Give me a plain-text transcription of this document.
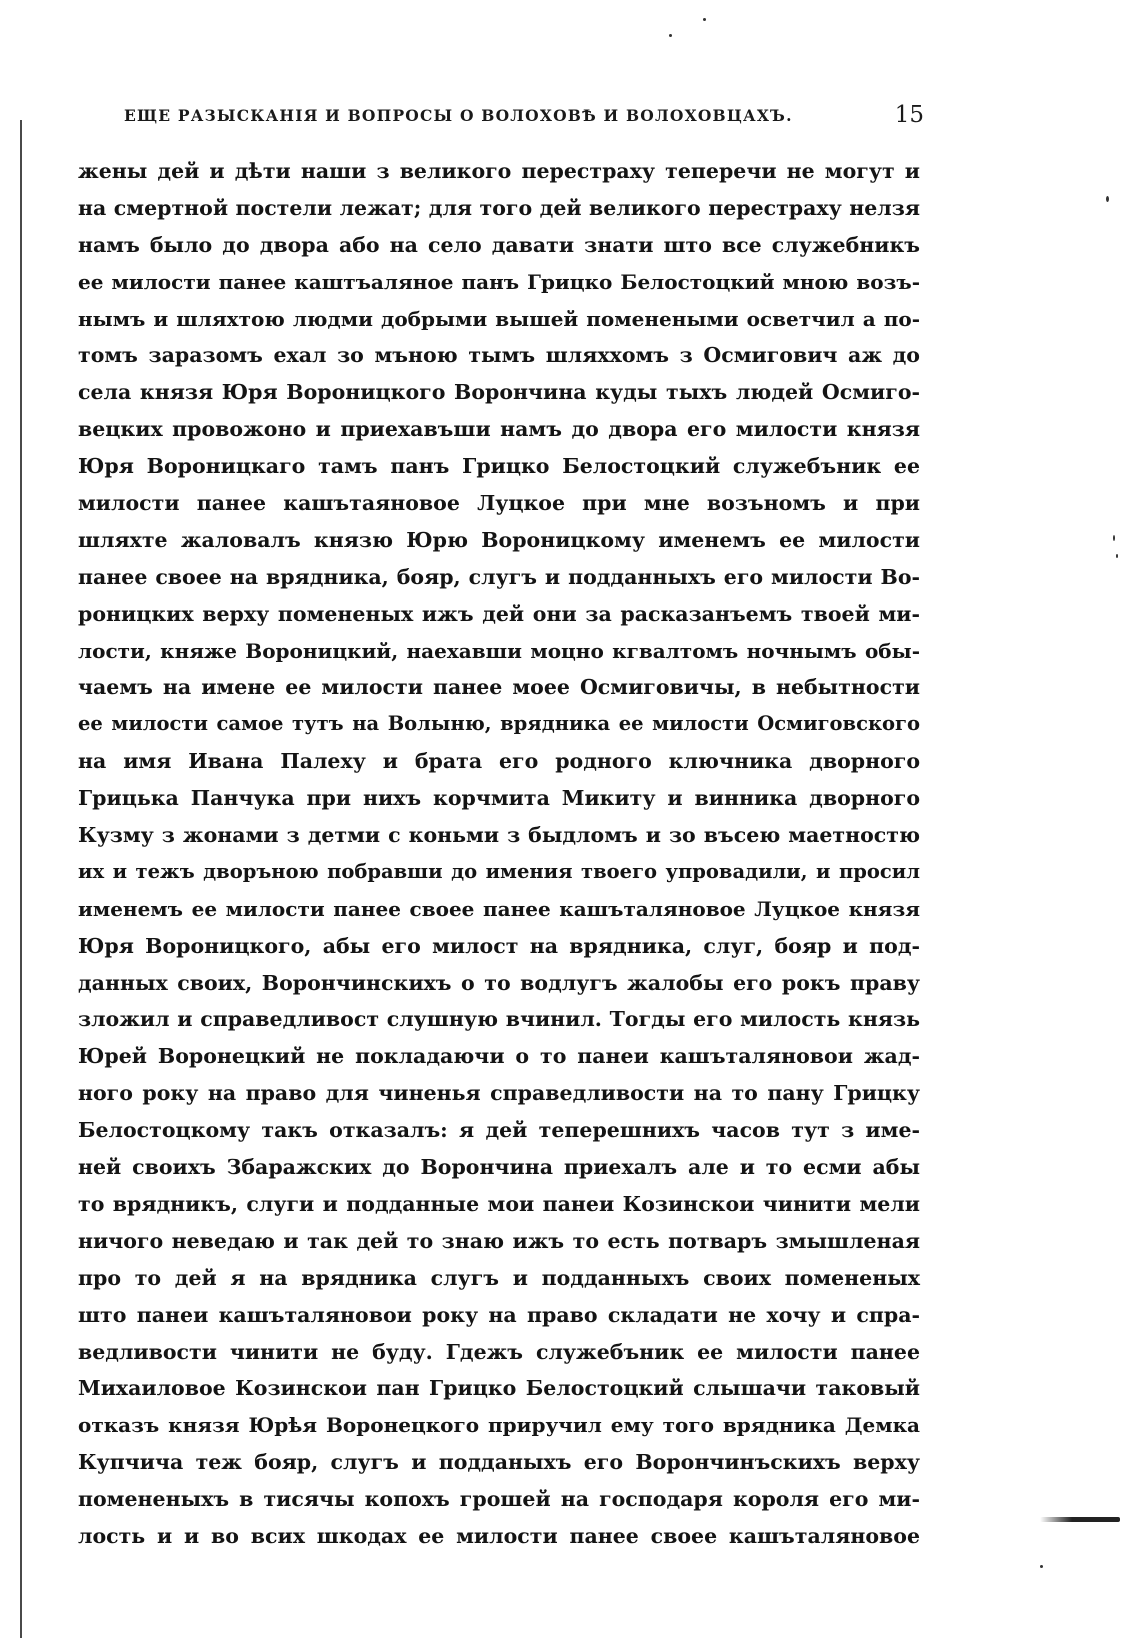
ЕЩЕ РАЗЫСКАНІЯ И ВОПРОСЫ О ВОЛОХОВѢ И ВОЛОХОВЦАХЪ.	15
жены дей и дѣти наши з великого перестраху теперечи не могут и
на смертной постели лежат; для того дей великого перестраху нелзя
намъ было до двора або на село давати знати што все служебникъ
ее милости панее каштъаляное панъ Грицко Белостоцкий мною возъ-
нымъ и шляхтою людми добрыми вышей поменеными осветчил а по-
томъ заразомъ ехал зо мъною тымъ шляххомъ з Осмигович аж до
села князя Юря Вороницкого Ворончина куды тыхъ людей Осмиго-
вецких провожоно и приехавъши намъ до двора его милости князя
Юря Вороницкаго тамъ панъ Грицко Белостоцкий служебъник ее
милости панее кашътаяновое Луцкое при мне возъномъ и при
шляхте жаловалъ князю Юрю Вороницкому именемъ ее милости
панее своее на врядника, бояр, слугъ и подданныхъ его милости Во-
роницких верху помененых ижъ дей они за расказанъемъ твоей ми-
лости, княже Вороницкий, наехавши моцно кгвалтомъ ночнымъ обы-
чаемъ на имене ее милости панее моее Осмиговичы, в небытности
ее милости самое тутъ на Волыню, врядника ее милости Осмиговского
на имя Ивана Палеху и брата его родного ключника дворного
Грицька Панчука при нихъ корчмита Микиту и винника дворного
Кузму з жонами з детми с коньми з быдломъ и зо въсею маетностю
их и тежъ дворъною побравши до имения твоего упровадили, и просил
именемъ ее милости панее своее панее кашъталяновое Луцкое князя
Юря Вороницкого, абы его милост на врядника, слуг, бояр и под-
данных своих, Ворончинскихъ о то водлугъ жалобы его рокъ праву
зложил и справедливост слушную вчинил. Тогды его милость князь
Юрей Воронецкий не покладаючи о то панеи кашъталяновои жад-
ного року на право для чиненья справедливости на то пану Грицку
Белостоцкому такъ отказалъ: я дей теперешнихъ часов тут з име-
ней своихъ Збаражских до Ворончина приехалъ але и то есми абы
то врядникъ, слуги и подданные мои панеи Козинскои чинити мели
ничого неведаю и так дей то знаю ижъ то есть потваръ змышленая
про то дей я на врядника слугъ и подданныхъ своих помененых
што панеи кашъталяновои року на право складати не хочу и спра-
ведливости чинити не буду. Гдежъ служебъник ее милости панее
Михаиловое Козинскои пан Грицко Белостоцкий слышачи таковый
отказъ князя Юрѣя Воронецкого приручил ему того врядника Демка
Купчича теж бояр, слугъ и подданыхъ его Ворончинъскихъ верху
помененыхъ в тисячы копохъ грошей на господаря короля его ми-
лость и и во всих шкодах ее милости панее своее кашъталяновое
